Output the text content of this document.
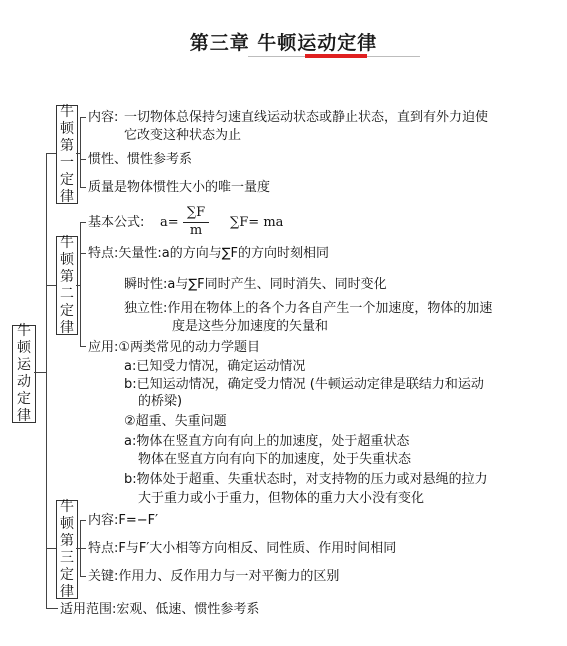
第三章 牛顿运动定律
牛顿运动定律
牛顿第一定律
内容: 一切物体总保持匀速直线运动状态或静止状态，直到有外力迫使
它改变这种状态为止
惯性、惯性参考系
质量是物体惯性大小的唯一量度
牛顿第二定律
基本公式: a=
∑F
m
∑F= ma
特点:矢量性:a的方向与∑F的方向时刻相同
瞬时性:a与∑F同时产生、同时消失、同时变化
独立性:作用在物体上的各个力各自产生一个加速度，物体的加速
度是这些分加速度的矢量和
应用:①两类常见的动力学题目
a:已知受力情况，确定运动情况
b:已知运动情况，确定受力情况 (牛顿运动定律是联结力和运动
的桥梁)
②超重、失重问题
a:物体在竖直方向有向上的加速度，处于超重状态
物体在竖直方向有向下的加速度，处于失重状态
b:物体处于超重、失重状态时，对支持物的压力或对悬绳的拉力
大于重力或小于重力，但物体的重力大小没有变化
牛顿第三定律
内容:F=−F′
特点:F与F′大小相等方向相反、同性质、作用时间相同
关键:作用力、反作用力与一对平衡力的区别
适用范围:宏观、低速、惯性参考系
